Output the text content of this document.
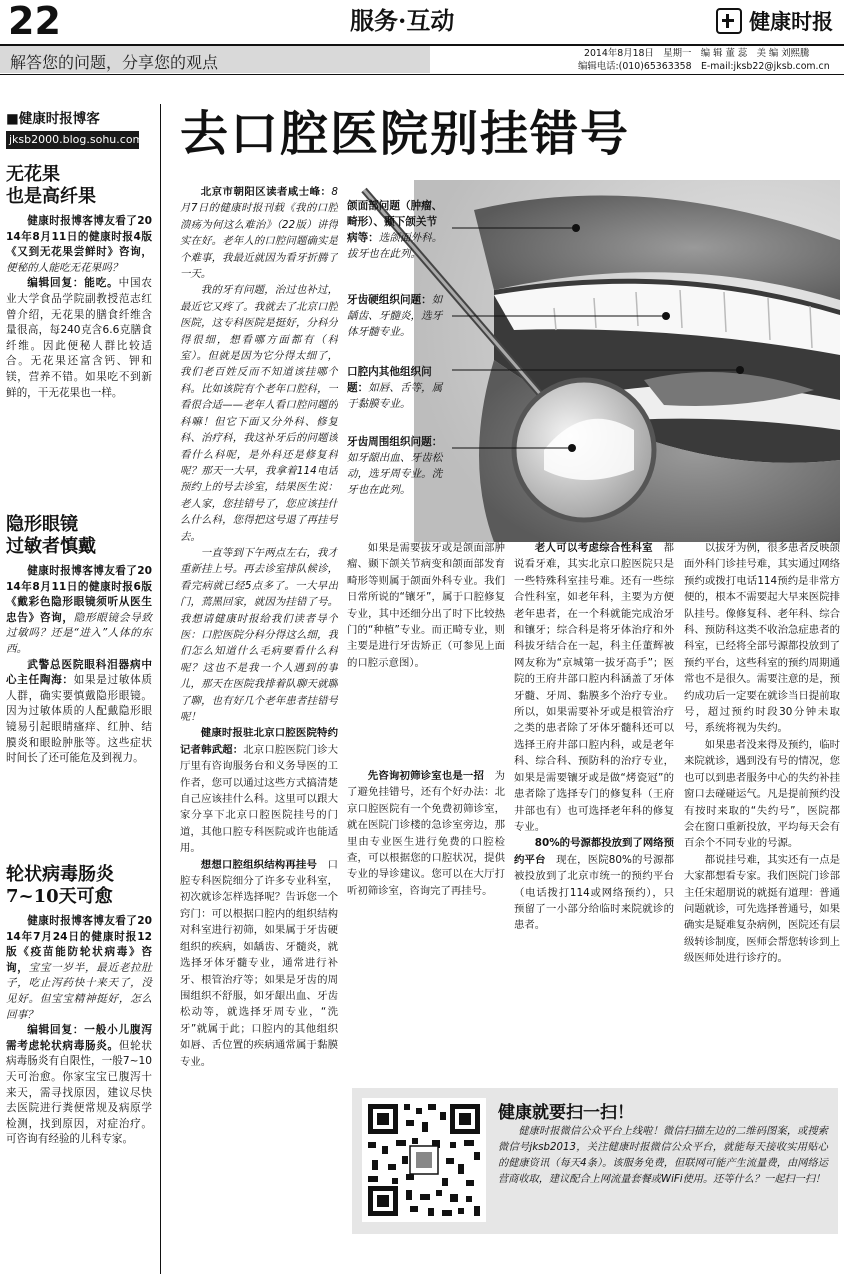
22	服务·互动	健康时报
解答您的问题，分享您的观点	2014年8月18日　星期一　编 辑 董 蕊　美 编 刘熙騰
编辑电话:(010)65363358　E-mail:jksb22@jksb.com.cn
■健康时报博客
jksb2000.blog.sohu.com
无花果
也是高纤果

健康时报博客博友看了2014年8月11日的健康时报4版《又到无花果尝鲜时》咨询，便秘的人能吃无花果吗？

编辑回复：能吃。中国农业大学食品学院副教授范志红曾介绍，无花果的膳食纤维含量很高，每240克含6.6克膳食纤维。因此便秘人群比较适合。无花果还富含钙、钾和镁，营养不错。如果吃不到新鲜的，干无花果也一样。

隐形眼镜
过敏者慎戴

健康时报博客博友看了2014年8月11日的健康时报6版《戴彩色隐形眼镜须听从医生忠告》咨询，隐形眼镜会导致过敏吗？还是“进入”人体的东西。

武警总医院眼科泪器病中心主任陶海：如果是过敏体质人群，确实要慎戴隐形眼镜。因为过敏体质的人配戴隐形眼镜易引起眼睛瘙痒、红肿、结膜炎和眼睑肿胀等。这些症状时间长了还可能危及到视力。

轮状病毒肠炎
7~10天可愈

健康时报博客博友看了2014年7月24日的健康时报12版《疫苗能防轮状病毒》咨询，宝宝一岁半，最近老拉肚子，吃止泻药快十来天了，没见好。但宝宝精神挺好，怎么回事？

编辑回复：一般小儿腹泻需考虑轮状病毒肠炎。但轮状病毒肠炎有自限性，一般7~10天可治愈。你家宝宝已腹泻十来天，需寻找原因，建议尽快去医院进行粪便常规及病原学检测，找到原因，对症治疗。可咨询有经验的儿科专家。

去口腔医院别挂错号
颌面部问题（肿瘤、畸形）、颞下颌关节病等：选颌面外科。拔牙也在此列。
牙齿硬组织问题：如龋齿、牙髓炎，选牙体牙髓专业。
口腔内其他组织问题：如唇、舌等，属于黏膜专业。
牙齿周围组织问题：如牙龈出血、牙齿松动，选牙周专业。洗牙也在此列。

北京市朝阳区读者咸士峰：8月7日的健康时报刊载《我的口腔溃疡为何这么难治》（22版）讲得实在好。老年人的口腔问题确实是个难事，我最近就因为看牙折腾了一天。

我的牙有问题，治过也补过，最近它又疼了。我就去了北京口腔医院，这专科医院是挺好，分科分得很细，想看哪方面都有（科室）。但就是因为它分得太细了，我们老百姓反而不知道该挂哪个科。比如该院有个老年口腔科，一看很合适——老年人看口腔问题的科嘛！但它下面又分外科、修复科、治疗科，我这补牙后的问题该看什么科呢，是外科还是修复科呢？那天一大早，我拿着114电话预约上的号去诊室，结果医生说：老人家，您挂错号了，您应该挂什么什么科，您得把这号退了再挂号去。

一直等到下午两点左右，我才重新挂上号。再去诊室排队候诊，看完病就已经5点多了。一大早出门，蔫黑回家，就因为挂错了号。我想请健康时报给我们读者导个医：口腔医院分科分得这么细，我们怎么知道什么毛病要看什么科呢？这也不是我一个人遇到的事儿，那天在医院我排着队聊天就聊了聊，也有好几个老年患者挂错号呢！

健康时报驻北京口腔医院特约记者韩武超：北京口腔医院门诊大厅里有咨询服务台和义务导医的工作者，您可以通过这些方式搞清楚自己应该挂什么科。这里可以跟大家分享下北京口腔医院挂号的门道，其他口腔专科医院或许也能适用。

想想口腔组织结构再挂号　 口腔专科医院细分了许多专业科室，初次就诊怎样选择呢？告诉您一个窍门：可以根据口腔内的组织结构对科室进行初筛，如果属于牙齿硬组织的疾病，如龋齿、牙髓炎，就选择牙体牙髓专业，通常进行补牙、根管治疗等；如果是牙齿的周围组织不舒服，如牙龈出血、牙齿松动等，就选择牙周专业，“洗牙”就属于此；口腔内的其他组织如唇、舌位置的疾病通常属于黏膜专业。

如果是需要拔牙或是颌面部肿瘤、颞下颌关节病变和颌面部发育畸形等则属于颌面外科专业。我们日常所说的“镶牙”，属于口腔修复专业，其中还细分出了时下比较热门的“种植”专业。而正畸专业，则主要是进行牙齿矫正（可参见上面的口腔示意图）。

先咨询初筛诊室也是一招　 为了避免挂错号，还有个好办法：北京口腔医院有一个免费初筛诊室，就在医院门诊楼的急诊室旁边，那里由专业医生进行免费的口腔检查，可以根据您的口腔状况，提供专业的导诊建议。您可以在大厅打听初筛诊室，咨询完了再挂号。

老人可以考虑综合性科室　 都说看牙难，其实北京口腔医院只是一些特殊科室挂号难。还有一些综合性科室，如老年科，主要为方便老年患者，在一个科就能完成治牙和镶牙；综合科是将牙体治疗和外科拔牙结合在一起，科主任董辉被网友称为“京城第一拔牙高手”；医院的王府井部口腔内科涵盖了牙体牙髓、牙周、黏膜多个治疗专业。所以，如果需要补牙或是根管治疗之类的患者除了牙体牙髓科还可以选择王府井部口腔内科，或是老年科、综合科、预防科的治疗专业，如果是需要镶牙或是做“烤瓷冠”的患者除了选择专门的修复科（王府井部也有）也可选择老年科的修复专业。

80%的号源都投放到了网络预约平台　 现在，医院80%的号源都被投放到了北京市统一的预约平台（电话拨打114或网络预约），只预留了一小部分给临时来院就诊的患者。

以拔牙为例，很多患者反映颌面外科门诊挂号难，其实通过网络预约或拨打电话114预约是非常方便的，根本不需要起大早来医院排队挂号。像修复科、老年科、综合科、预防科这类不收治急症患者的科室，已经将全部号源都投放到了预约平台，这些科室的预约周期通常也不是很久。需要注意的是，预约成功后一定要在就诊当日提前取号，超过预约时段30分钟未取号，系统将视为失约。

如果患者没来得及预约，临时来院就诊，遇到没有号的情况，您也可以到患者服务中心的失约补挂窗口去碰碰运气。凡是提前预约没有按时来取的“失约号”，医院都会在窗口重新投放，平均每天会有百余个不同专业的号源。

都说挂号难，其实还有一点是大家都想看专家。我们医院门诊部主任宋超朋说的就挺有道理：普通问题就诊，可先选择普通号，如果确实是疑难复杂病例，医院还有层级转诊制度，医师会帮您转诊到上级医师处进行诊疗的。

健康就要扫一扫！
健康时报微信公众平台上线啦！微信扫描左边的二维码图案，或搜索微信号jksb2013，关注健康时报微信公众平台，就能每天接收实用贴心的健康资讯（每天4条）。该服务免费，但联网可能产生流量费，由网络运营商收取，建议配合上网流量套餐或WiFi使用。还等什么？一起扫一扫！
